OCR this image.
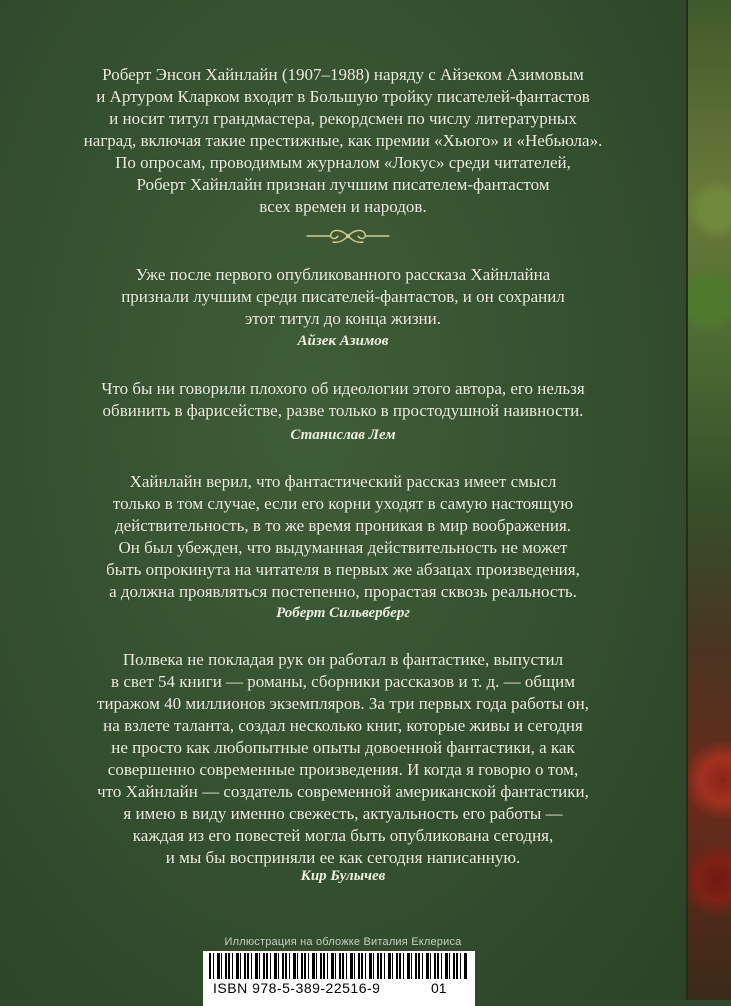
Роберт Энсон Хайнлайн (1907–1988) наряду с Айзеком Азимовым
и Артуром Кларком входит в Большую тройку писателей-фантастов
и носит титул грандмастера, рекордсмен по числу литературных
наград, включая такие престижные, как премии «Хьюго» и «Небьюла».
По опросам, проводимым журналом «Локус» среди читателей,
Роберт Хайнлайн признан лучшим писателем-фантастом
всех времен и народов.
Уже после первого опубликованного рассказа Хайнлайна
признали лучшим среди писателей-фантастов, и он сохранил
этот титул до конца жизни.
Айзек Азимов
Что бы ни говорили плохого об идеологии этого автора, его нельзя
обвинить в фарисействе, разве только в простодушной наивности.
Станислав Лем
Хайнлайн верил, что фантастический рассказ имеет смысл
только в том случае, если его корни уходят в самую настоящую
действительность, в то же время проникая в мир воображения.
Он был убежден, что выдуманная действительность не может
быть опрокинута на читателя в первых же абзацах произведения,
а должна проявляться постепенно, прорастая сквозь реальность.
Роберт Сильверберг
Полвека не покладая рук он работал в фантастике, выпустил
в свет 54 книги — романы, сборники рассказов и т. д. — общим
тиражом 40 миллионов экземпляров. За три первых года работы он,
на взлете таланта, создал несколько книг, которые живы и сегодня
не просто как любопытные опыты довоенной фантастики, а как
совершенно современные произведения. И когда я говорю о том,
что Хайнлайн — создатель современной американской фантастики,
я имею в виду именно свежесть, актуальность его работы —
каждая из его повестей могла быть опубликована сегодня,
и мы бы восприняли ее как сегодня написанную.
Кир Булычев
Иллюстрация на обложке Виталия Еклериса
ISBN 978-5-389-22516-9	01
